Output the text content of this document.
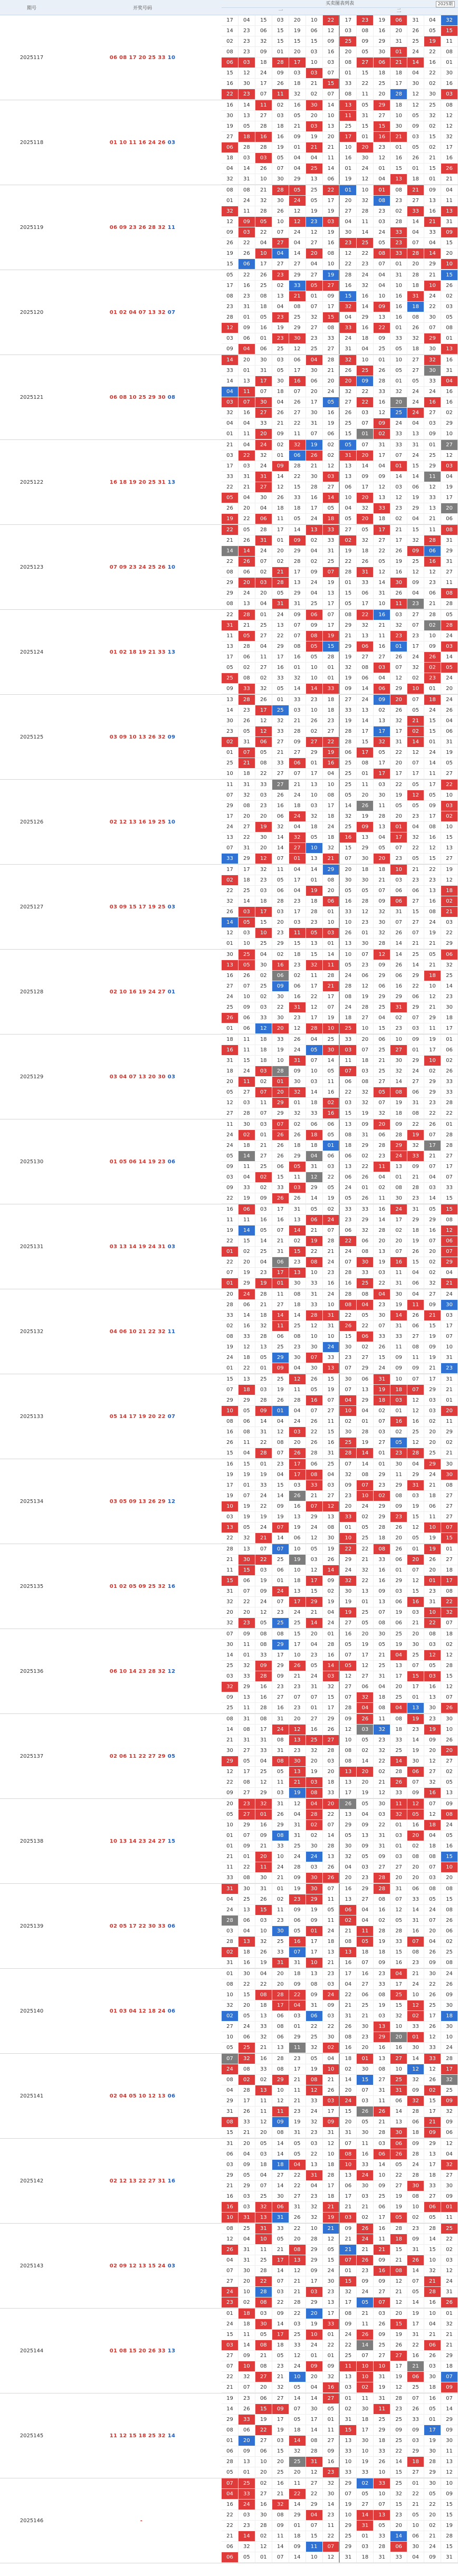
期号	开奖号码
买卖图表列表
一	二
2025期
2025117	06 08 17 20 25 33 10
17	04	15	03	20	10	22	17	23	19	06	31	04	32
14	23	06	15	19	06	12	03	08	16	20	26	05	15
02	23	32	15	15	15	09	25	09	29	31	25	19	11
08	23	09	01	20	03	16	20	05	30	01	24	22	08
06	03	18	28	17	10	03	08	27	06	21	14	16	01
15	12	24	09	03	03	07	01	15	18	18	04	22	30
16	30	17	26	18	21	15	33	22	25	17	30	02	16
22	23	07	11	32	02	07	08	11	20	28	12	30	03
2025118	01 10 11 16 24 26 03
16	14	11	02	16	30	14	13	05	29	18	12	25	08
30	13	27	03	05	20	10	11	31	27	10	05	32	12
19	05	28	18	21	03	13	25	15	15	30	09	02	12
27	18	16	16	09	19	20	17	01	16	21	03	15	32
06	28	28	19	01	21	21	10	20	23	01	05	02	17
18	03	03	05	04	04	11	16	30	12	16	26	21	16
04	14	26	07	04	25	14	01	24	01	15	01	15	26
32	31	10	30	29	13	06	19	12	04	13	18	01	21
2025119	06 09 23 26 28 32 11
08	08	21	28	05	25	22	01	10	01	08	21	09	04
01	24	32	30	24	05	17	20	32	08	23	27	13	11
32	11	28	26	12	19	19	27	28	23	02	33	16	13
12	09	05	10	12	23	03	04	11	03	28	14	21	31
09	03	22	07	24	12	19	30	14	24	33	04	33	09
26	22	04	27	04	27	16	23	25	05	23	07	04	15
19	26	10	04	14	20	08	12	22	08	33	28	14	20
15	06	17	27	27	04	10	22	23	07	01	20	29	10
2025120	01 02 04 07 13 32 07
05	22	26	23	29	27	19	28	24	04	31	28	21	15
17	16	25	02	33	05	27	16	32	04	10	18	10	26
08	23	08	13	21	01	09	15	16	10	16	31	24	02
23	31	18	04	08	07	17	32	14	09	16	18	22	03
28	01	05	23	25	32	15	04	29	13	16	08	30	05
12	09	16	19	29	27	08	33	16	22	01	26	07	08
03	06	01	23	30	23	33	24	18	09	33	32	29	01
09	04	06	25	12	25	27	31	04	25	05	18	30	13
2025121	06 08 10 25 29 30 08
14	20	30	03	06	04	28	32	10	01	10	27	32	16
33	01	31	05	17	30	21	26	25	26	05	27	30	31
14	13	17	30	16	06	20	20	09	28	01	05	33	04
04	11	07	18	07	20	24	32	22	33	32	24	24	16
03	07	30	04	26	17	05	27	22	16	20	24	16	16
32	16	27	26	27	30	16	26	03	12	25	24	27	02
04	04	33	21	22	31	19	25	07	09	24	04	03	29
01	11	20	09	11	07	06	15	01	02	33	13	09	10
2025122	16 18 19 20 25 31 13
21	04	24	02	32	19	02	05	07	31	33	31	01	27
03	22	32	01	06	26	02	31	20	17	07	24	25	12
17	03	24	09	28	21	12	13	14	04	01	15	29	03
33	31	31	14	22	30	03	13	09	09	14	14	11	04
22	21	27	12	15	28	27	06	17	12	03	06	12	19
05	04	30	26	33	16	14	10	20	13	12	19	33	17
26	20	04	18	18	17	05	04	32	33	23	29	13	20
19	22	06	11	05	24	18	05	20	18	02	04	21	06
2025123	07 09 23 24 25 26 10
22	05	28	17	14	13	33	27	05	17	21	15	11	08
21	26	31	01	09	02	33	02	32	27	17	32	28	31
14	14	24	20	29	04	31	19	18	22	26	09	06	29
22	26	07	02	28	02	25	22	26	05	19	25	16	31
08	06	02	21	17	09	07	28	31	12	16	12	12	27
29	20	03	28	13	24	19	01	33	14	30	09	23	11
29	24	20	05	29	04	13	15	06	31	26	04	06	08
08	13	04	31	31	25	17	05	17	10	11	23	21	28
2025124	01 02 18 19 21 33 13
22	28	01	24	09	06	07	08	22	16	03	27	28	05
31	21	25	13	07	09	17	29	32	21	32	07	02	28
11	05	27	22	07	08	19	21	13	11	23	23	10	24
13	28	04	29	08	05	15	29	06	16	01	17	09	03
17	06	11	17	16	05	28	19	27	27	26	24	26	14
05	02	27	16	01	10	01	32	08	03	07	32	02	05
25	08	02	33	32	10	01	19	06	04	12	02	23	24
09	33	32	05	14	14	33	09	14	06	29	10	01	20
2025125	03 09 10 13 26 32 09
13	28	26	01	33	23	18	27	24	09	20	07	18	24
14	23	17	25	03	10	18	33	13	02	26	05	24	26
30	26	12	32	21	26	23	19	14	13	32	21	15	04
23	05	12	33	28	02	27	28	17	17	17	02	15	06
02	31	06	27	09	27	22	28	15	32	31	14	01	31
01	07	05	21	27	29	19	06	17	05	22	12	24	19
25	21	08	33	06	01	16	25	08	17	20	07	14	05
10	18	22	27	07	17	04	25	01	17	17	17	11	27
2025126	02 12 13 16 19 25 10
11	31	33	27	21	13	10	25	11	03	22	05	17	22
07	32	03	26	24	10	08	05	20	30	19	12	05	10
29	08	23	16	18	03	17	14	26	11	05	05	09	03
17	20	20	06	24	32	18	32	19	28	20	23	17	02
24	27	19	32	04	18	24	25	09	13	01	04	08	10
13	22	30	14	32	05	18	16	13	04	17	32	16	15
07	31	20	14	27	10	32	15	29	05	07	22	12	13
33	29	12	07	01	13	21	07	30	20	23	05	15	27
2025127	03 09 15 17 19 25 03
17	17	32	11	04	14	29	20	18	18	10	21	22	19
02	18	23	05	17	01	08	30	30	21	03	23	23	12
22	25	03	06	04	19	20	05	05	07	06	06	13	18
32	14	18	28	23	18	06	16	28	09	06	27	16	02
26	03	17	03	17	28	01	33	12	32	31	15	08	21
14	05	15	20	03	23	10	10	23	30	07	27	24	03
12	03	10	23	11	05	03	26	01	32	26	07	19	22
01	10	25	29	15	13	01	13	30	28	14	21	21	29
2025128	02 10 16 19 24 27 01
30	25	04	02	18	15	14	10	07	12	14	25	05	06
13	05	30	16	23	32	11	05	23	09	26	14	21	32
16	26	02	06	02	11	28	24	06	29	06	29	18	25
27	07	25	09	06	17	21	28	12	06	16	22	10	14
24	10	02	30	16	22	17	08	19	29	29	06	12	23
25	09	03	22	31	12	07	24	28	25	31	29	21	30
26	06	33	30	23	17	19	18	27	04	02	07	29	18
01	06	12	20	12	28	10	25	10	15	23	03	11	17
2025129	03 04 07 13 20 30 03
18	11	18	33	26	04	25	33	20	06	10	09	19	01
16	11	18	19	24	05	30	03	07	25	27	01	17	06
31	15	18	10	31	07	14	11	18	21	30	29	10	02
18	24	03	28	09	10	05	07	03	25	32	24	02	26
20	11	02	01	30	03	11	06	08	27	14	27	29	33
05	27	07	20	32	14	16	22	32	05	08	06	29	33
12	03	11	29	01	18	02	03	32	07	19	31	23	28
27	28	07	29	32	33	16	15	19	32	18	08	22	22
2025130	01 05 06 14 19 23 06
11	30	03	07	02	06	06	13	09	20	09	22	26	01
24	02	01	26	26	18	05	08	31	06	28	19	07	28
24	18	21	26	18	18	01	18	29	28	29	32	17	28
05	14	27	26	29	04	06	06	02	23	24	33	21	27
09	11	25	06	05	31	03	13	22	11	13	09	07	17
03	04	02	15	11	12	22	06	26	04	01	21	04	07
09	33	02	33	03	29	05	24	01	02	08	28	03	33
22	19	09	26	26	14	19	05	26	11	30	23	14	15
2025131	03 13 14 19 24 31 03
16	06	03	17	31	05	02	33	33	16	24	31	05	15
11	11	16	16	13	06	24	23	29	14	17	29	29	08
19	14	05	07	14	21	07	06	32	28	02	18	16	12
22	15	14	21	02	19	28	22	06	20	20	19	07	06
01	02	25	31	15	22	21	24	08	13	07	26	20	07
22	20	04	06	23	08	24	07	30	19	16	15	02	29
07	19	23	17	13	10	23	28	33	03	11	04	02	04
01	29	19	01	30	33	16	16	25	22	31	06	32	21
2025132	04 06 10 21 22 32 11
20	24	28	11	08	31	24	28	08	04	30	04	27	24
28	06	21	27	18	33	10	08	04	23	19	11	09	30
33	14	18	14	14	28	31	22	05	30	14	26	21	03
02	16	32	11	25	12	31	26	22	07	31	06	15	17
08	33	28	06	08	10	10	15	06	33	33	27	19	07
19	12	13	25	23	30	24	30	02	26	11	08	09	10
24	18	05	29	30	07	33	23	27	15	09	11	19	31
01	22	01	09	04	30	13	07	29	24	09	09	21	23
2025133	05 14 17 19 20 22 07
15	13	25	25	12	26	15	30	06	31	10	07	17	31
07	18	03	19	11	05	19	07	13	19	18	07	29	21
29	29	28	26	28	16	07	04	29	18	03	12	03	01
10	05	09	01	04	07	27	10	04	02	01	12	03	20
08	06	14	04	24	26	11	02	01	07	16	16	02	11
16	08	31	12	03	22	15	30	28	03	02	25	20	29
26	11	22	08	20	26	16	25	19	27	05	12	20	02
15	04	28	07	26	28	31	28	14	01	23	28	25	21
2025134	03 05 09 13 26 29 12
16	15	01	23	17	06	25	07	14	01	30	04	29	30
19	19	19	04	17	08	04	32	08	29	11	29	24	30
17	01	33	15	03	33	03	09	07	23	29	31	21	08
19	07	24	14	26	21	27	23	10	02	08	03	18	27
10	19	22	09	16	07	12	20	24	29	09	19	06	27
03	19	19	19	13	29	13	33	02	29	23	15	11	27
13	05	24	07	19	24	08	01	05	28	26	12	10	07
22	32	21	14	06	12	30	10	25	18	20	05	19	15
2025135	01 02 05 09 25 32 16
28	13	07	07	10	05	19	22	22	08	26	01	19	01
21	30	22	25	19	03	26	29	21	33	06	20	26	27
11	15	03	06	10	12	14	24	32	16	01	07	20	18
15	06	19	01	18	17	09	32	22	16	29	12	01	17
31	07	09	24	13	15	02	30	13	09	03	15	23	08
32	22	24	07	17	29	19	19	01	13	06	16	31	22
20	20	12	23	24	21	04	19	25	07	19	03	10	32
32	23	05	25	25	14	24	27	05	08	06	21	22	07
2025136	06 10 14 23 28 32 12
07	09	08	08	15	20	01	16	20	30	25	20	08	18
30	11	08	29	17	04	28	05	19	05	19	30	03	02
14	01	33	17	10	23	16	07	17	21	04	25	12	12
25	32	09	29	26	05	14	05	12	25	13	07	05	28
03	33	28	09	21	24	03	12	27	31	17	15	03	15
32	29	16	23	23	31	32	27	06	04	20	17	16	12
09	13	16	27	07	07	15	07	32	18	25	01	13	07
25	11	28	16	23	01	17	28	04	08	04	13	30	26
2025137	02 06 11 22 27 29 05
08	31	08	31	20	27	29	09	26	11	08	19	23	30
14	08	17	24	12	16	26	12	03	32	18	23	19	10
21	31	31	08	13	25	27	10	05	23	33	14	09	26
30	27	33	31	23	32	28	08	02	32	25	19	20	20
29	05	04	08	30	20	03	08	14	22	14	30	12	27
12	17	25	05	13	19	20	13	20	02	28	06	27	02
22	08	12	11	21	03	18	13	20	21	26	07	32	05
09	27	29	03	19	08	33	17	19	12	33	09	16	13
2025138	10 13 14 23 24 27 15
20	23	32	31	12	04	20	26	05	30	11	12	07	09
05	27	01	26	04	28	22	13	04	03	32	05	12	08
10	29	16	29	31	02	07	29	09	22	01	16	18	24
01	07	09	08	31	02	14	05	13	31	03	20	04	05
01	09	21	33	25	30	28	30	09	31	01	02	18	16
21	01	20	10	24	24	13	32	05	09	03	08	08	15
11	22	11	24	28	03	26	04	03	27	27	20	07	10
33	08	30	21	09	30	26	20	23	28	20	20	03	20
2025139	02 05 17 22 30 33 06
31	30	31	01	19	30	07	16	29	28	31	06	08	08
04	25	26	02	23	29	11	13	27	08	07	33	05	15
24	13	15	11	09	19	05	06	04	16	12	14	24	08
28	06	03	23	06	09	11	02	04	02	05	31	07	26
03	04	10	30	05	01	24	21	11	28	28	16	20	06
28	13	32	25	16	17	18	08	05	19	33	07	04	02
02	18	26	33	07	17	13	13	18	18	15	08	26	25
31	16	19	31	31	10	21	16	07	09	16	23	09	08
2025140	01 03 04 12 18 24 06
01	30	04	20	18	13	23	17	16	23	04	21	30	24
08	22	22	20	09	08	03	04	27	33	17	24	22	26
10	15	08	28	22	09	24	22	06	08	25	10	26	09
32	20	18	17	04	31	09	21	25	19	15	12	25	30
02	05	13	06	03	06	03	31	21	03	32	02	17	18
27	24	33	08	01	22	22	26	30	13	10	33	26	30
10	06	32	06	29	25	30	08	23	29	20	01	12	10
05	25	21	13	11	32	02	16	20	16	16	30	33	24
2025141	02 04 05 10 12 13 06
07	32	16	28	23	05	04	18	01	13	27	14	33	28
24	08	33	08	17	19	10	02	30	08	10	12	12	17
08	02	02	29	21	08	21	14	15	27	25	32	26	32
04	28	13	10	11	12	26	20	07	31	31	09	02	25
29	17	11	12	21	33	03	24	03	11	06	32	15	09
31	26	11	11	23	24	17	15	26	26	14	28	17	32
08	33	12	09	19	32	09	20	05	21	13	06	21	09
15	21	20	08	31	23	31	31	30	28	30	18	09	06
2025142	02 12 13 22 27 31 16
31	20	05	14	05	03	12	07	11	03	06	09	29	12
06	04	03	14	05	22	10	08	16	06	26	28	13	04
03	09	18	18	04	13	18	10	33	14	05	24	17	32
29	05	04	27	22	31	28	13	24	10	22	28	18	27
21	29	07	14	22	04	17	06	30	09	27	30	33	30
16	03	25	30	27	23	18	17	03	25	19	08	27	09
16	03	32	06	31	32	21	21	21	06	19	10	06	01
10	31	13	31	26	32	19	03	02	17	05	02	05	11
2025143	02 09 12 13 15 24 03
08	25	31	33	22	10	21	09	26	16	28	23	28	25
12	04	10	05	20	28	12	21	24	11	18	09	14	22
26	31	11	21	08	29	05	21	21	21	15	31	15	02
04	31	25	17	13	29	15	07	26	09	21	26	10	03
07	30	28	14	12	09	24	01	23	16	08	14	32	12
27	20	22	07	21	17	30	15	09	09	12	07	21	24
24	10	28	03	21	03	23	32	24	27	21	05	28	31
23	02	08	22	28	29	13	17	05	07	12	14	16	26
2025144	01 08 15 20 26 33 13
01	18	03	09	22	20	17	08	21	03	20	19	10	01
24	18	30	14	03	19	33	09	11	26	15	17	04	32
15	11	05	17	25	10	01	24	26	09	19	31	21	21
03	14	08	18	33	24	22	22	14	25	26	22	06	21
27	09	21	05	12	01	01	25	07	27	27	16	26	29
07	10	08	23	24	09	09	11	10	10	17	21	03	18
22	32	27	21	10	20	32	13	10	31	19	06	30	07
21	07	20	32	05	04	16	03	02	19	12	25	18	09
2025145	11 12 15 18 25 32 14
19	23	06	27	14	14	27	01	11	31	28	07	16	07
14	26	15	09	07	30	05	02	30	11	23	26	05	14
29	33	19	17	05	17	01	31	18	25	25	33	01	29
08	06	22	19	18	14	11	15	17	29	09	09	17	09
01	20	27	03	14	08	27	13	30	18	25	03	19	30
06	09	06	15	32	28	09	33	10	33	22	29	30	11
28	13	10	20	25	31	16	10	19	26	14	18	28	13
05	01	20	25	20	12	23	33	33	10	15	27	29	12
2025146	-
07	25	02	16	11	27	32	29	02	33	25	01	30	10
04	33	27	21	22	22	30	07	05	10	32	22	05	09
16	24	16	32	14	29	14	19	27	07	15	21	22	15
22	03	30	08	29	04	23	10	14	13	23	05	20	15
22	23	28	09	01	07	11	29	31	05	20	10	02	19
21	14	02	11	18	15	22	25	01	33	14	06	21	28
06	32	12	14	09	11	07	29	03	28	06	30	24	15
06	05	01	07	14	10	12	31	18	31	33	04	09	31
